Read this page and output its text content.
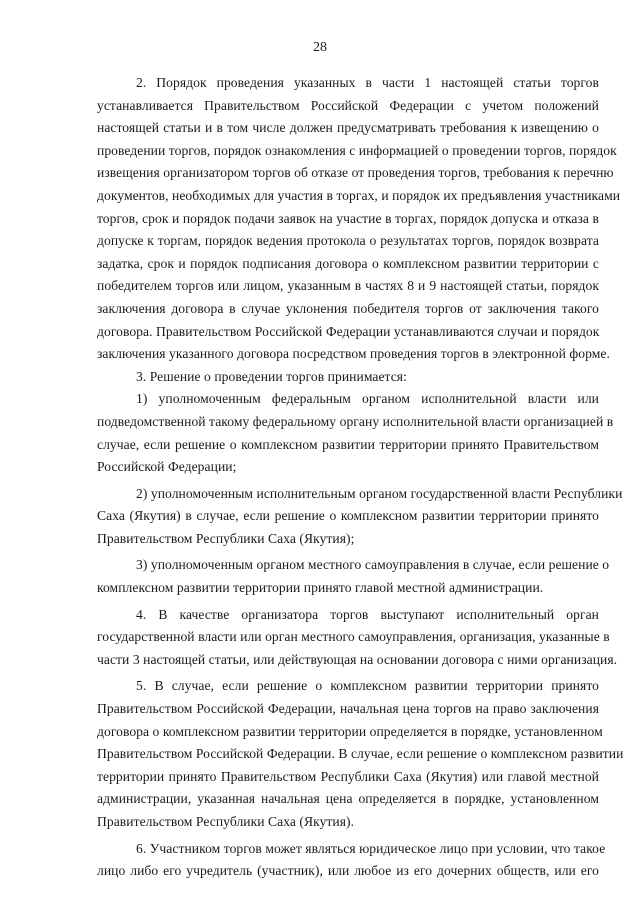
28
2. Порядок проведения указанных в части 1 настоящей статьи торгов
устанавливается Правительством Российской Федерации с учетом положений
настоящей статьи и в том числе должен предусматривать требования к извещению о
проведении торгов, порядок ознакомления с информацией о проведении торгов, порядок
извещения организатором торгов об отказе от проведения торгов, требования к перечню
документов, необходимых для участия в торгах, и порядок их предъявления участниками
торгов, срок и порядок подачи заявок на участие в торгах, порядок допуска и отказа в
допуске к торгам, порядок ведения протокола о результатах торгов, порядок возврата
задатка, срок и порядок подписания договора о комплексном развитии территории с
победителем торгов или лицом, указанным в частях 8 и 9 настоящей статьи, порядок
заключения договора в случае уклонения победителя торгов от заключения такого
договора. Правительством Российской Федерации устанавливаются случаи и порядок
заключения указанного договора посредством проведения торгов в электронной форме.
3. Решение о проведении торгов принимается:
1) уполномоченным федеральным органом исполнительной власти или
подведомственной такому федеральному органу исполнительной власти организацией в
случае, если решение о комплексном развитии территории принято Правительством
Российской Федерации;
2) уполномоченным исполнительным органом государственной власти Республики
Саха (Якутия) в случае, если решение о комплексном развитии территории принято
Правительством Республики Саха (Якутия);
3) уполномоченным органом местного самоуправления в случае, если решение о
комплексном развитии территории принято главой местной администрации.
4. В качестве организатора торгов выступают исполнительный орган
государственной власти или орган местного самоуправления, организация, указанные в
части 3 настоящей статьи, или действующая на основании договора с ними организация.
5. В случае, если решение о комплексном развитии территории принято
Правительством Российской Федерации, начальная цена торгов на право заключения
договора о комплексном развитии территории определяется в порядке, установленном
Правительством Российской Федерации. В случае, если решение о комплексном развитии
территории принято Правительством Республики Саха (Якутия) или главой местной
администрации, указанная начальная цена определяется в порядке, установленном
Правительством Республики Саха (Якутия).
6. Участником торгов может являться юридическое лицо при условии, что такое
лицо либо его учредитель (участник), или любое из его дочерних обществ, или его
